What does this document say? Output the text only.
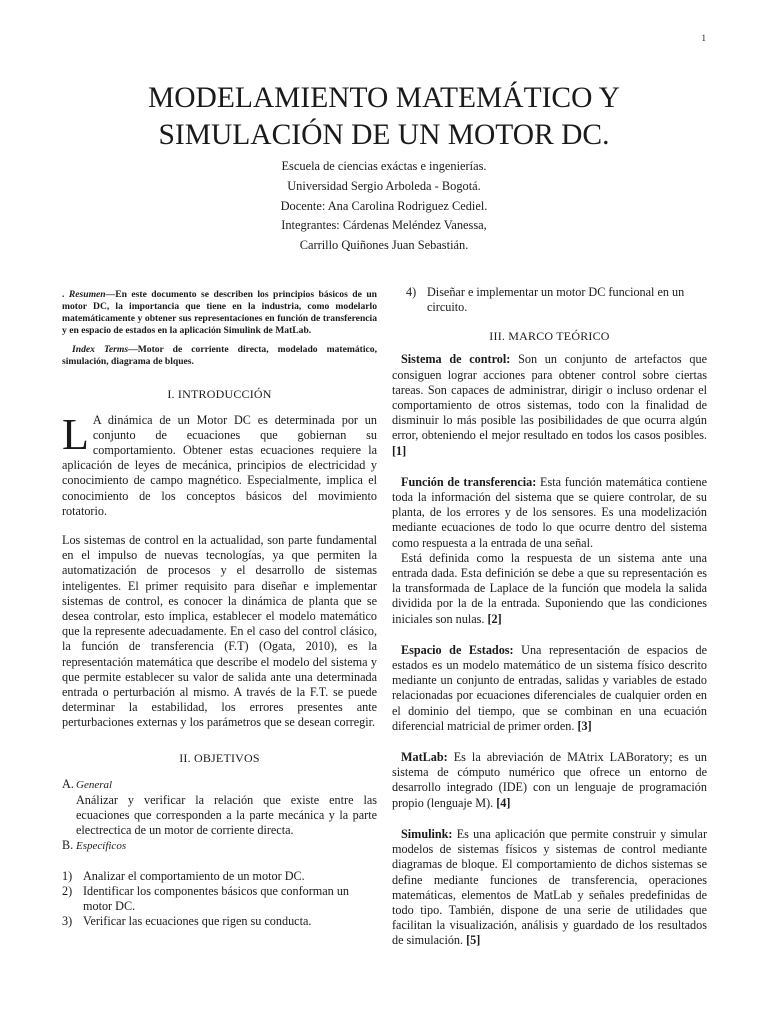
1
MODELAMIENTO MATEMÁTICO Y
SIMULACIÓN DE UN MOTOR DC.
Escuela de ciencias exáctas e ingenierías.
Universidad Sergio Arboleda - Bogotá.
Docente: Ana Carolina Rodriguez Cediel.
Integrantes: Cárdenas Meléndez Vanessa,
Carrillo Quiñones Juan Sebastián.
. Resumen—En este documento se describen los principios básicos de un motor DC, la importancia que tiene en la industria, como modelarlo matemáticamente y obtener sus representaciones en función de transferencia y en espacio de estados en la aplicación Simulink de MatLab.
Index Terms—Motor de corriente directa, modelado matemático, simulación, diagrama de blques.
I. INTRODUCCIÓN

L A dinámica de un Motor DC es determinada por un conjunto de ecuaciones que gobiernan su comportamiento. Obtener estas ecuaciones requiere la aplicación de leyes de mecánica, principios de electricidad y conocimiento de campo magnético. Especialmente, implica el conocimiento de los conceptos básicos del movimiento rotatorio.

Los sistemas de control en la actualidad, son parte fundamental en el impulso de nuevas tecnologías, ya que permiten la automatización de procesos y el desarrollo de sistemas inteligentes. El primer requisito para diseñar e implementar sistemas de control, es conocer la dinámica de planta que se desea controlar, esto implica, establecer el modelo matemático que la represente adecuadamente. En el caso del control clásico, la función de transferencia (F.T) (Ogata, 2010), es la representación matemática que describe el modelo del sistema y que permite establecer su valor de salida ante una determinada entrada o perturbación al mismo. A través de la F.T. se puede determinar la estabilidad, los errores presentes ante perturbaciones externas y los parámetros que se desean corregir.

II. OBJETIVOS
A. General
Análizar y verificar la relación que existe entre las ecuaciones que corresponden a la parte mecánica y la parte electrectica de un motor de corriente directa.
B. Específicos
1) Analizar el comportamiento de un motor DC.
2) Identificar los componentes básicos que conforman un motor DC.
3) Verificar las ecuaciones que rigen su conducta.
4) Diseñar e implementar un motor DC funcional en un circuito.
III. MARCO TEÓRICO

Sistema de control: Son un conjunto de artefactos que consiguen lograr acciones para obtener control sobre ciertas tareas. Son capaces de administrar, dirigir o incluso ordenar el comportamiento de otros sistemas, todo con la finalidad de disminuir lo más posible las posibilidades de que ocurra algún error, obteniendo el mejor resultado en todos los casos posibles. [1]

Función de transferencia: Esta función matemática contiene toda la información del sistema que se quiere controlar, de su planta, de los errores y de los sensores. Es una modelización mediante ecuaciones de todo lo que ocurre dentro del sistema como respuesta a la entrada de una señal.

Está definida como la respuesta de un sistema ante una entrada dada. Esta definición se debe a que su representación es la transformada de Laplace de la función que modela la salida dividida por la de la entrada. Suponiendo que las condiciones iniciales son nulas. [2]

Espacio de Estados: Una representación de espacios de estados es un modelo matemático de un sistema físico descrito mediante un conjunto de entradas, salidas y variables de estado relacionadas por ecuaciones diferenciales de cualquier orden en el dominio del tiempo, que se combinan en una ecuación diferencial matricial de primer orden. [3]

MatLab: Es la abreviación de MAtrix LABoratory; es un sistema de cómputo numérico que ofrece un entorno de desarrollo integrado (IDE) con un lenguaje de programación propio (lenguaje M). [4]

Simulink: Es una aplicación que permite construir y simular modelos de sistemas físicos y sistemas de control mediante diagramas de bloque. El comportamiento de dichos sistemas se define mediante funciones de transferencia, operaciones matemáticas, elementos de MatLab y señales predefinidas de todo tipo. También, dispone de una serie de utilidades que facilitan la visualización, análisis y guardado de los resultados de simulación. [5]
